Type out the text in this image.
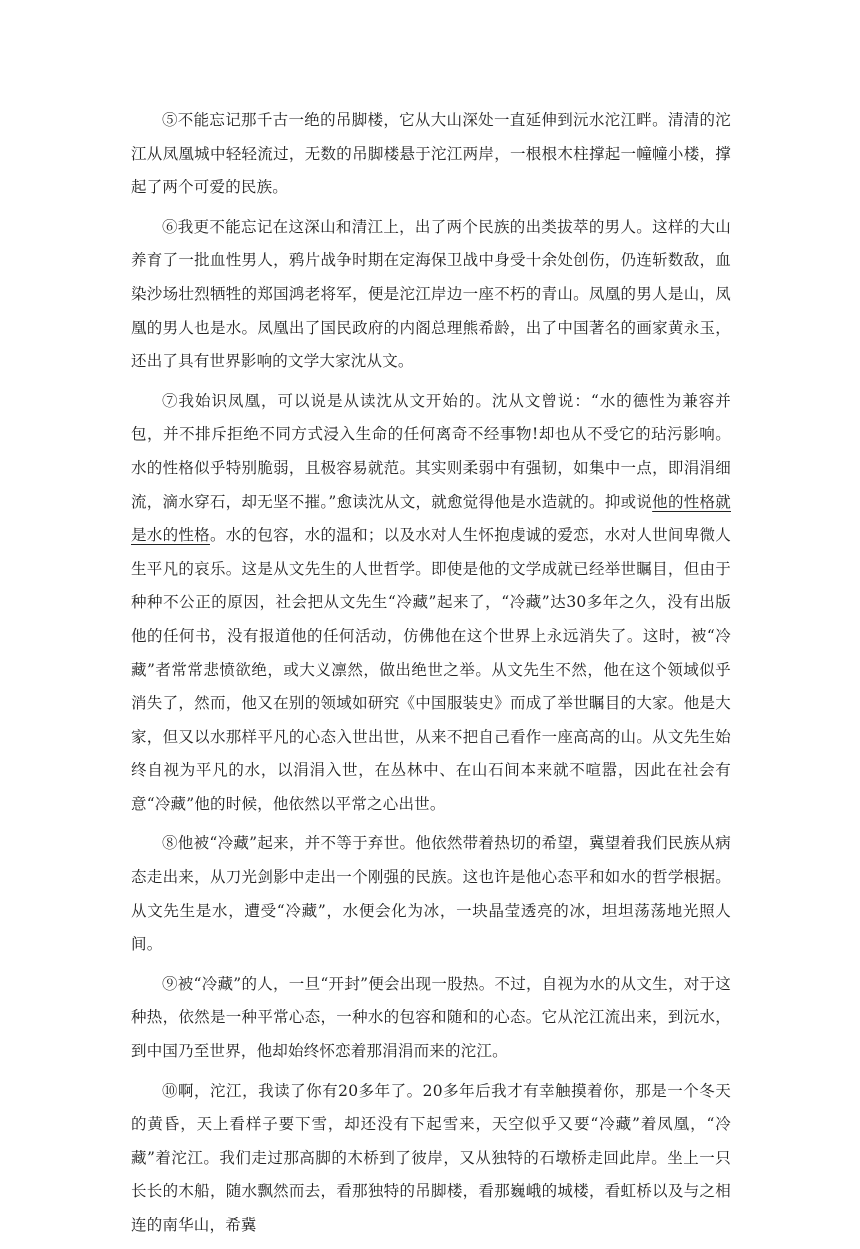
⑤不能忘记那千古一绝的吊脚楼，它从大山深处一直延伸到沅水沱江畔。清清的沱江从凤凰城中轻轻流过，无数的吊脚楼悬于沱江两岸，一根根木柱撑起一幢幢小楼，撑起了两个可爱的民族。

⑥我更不能忘记在这深山和清江上，出了两个民族的出类拔萃的男人。这样的大山养育了一批血性男人，鸦片战争时期在定海保卫战中身受十余处创伤，仍连斩数敌，血染沙场壮烈牺牲的郑国鸿老将军，便是沱江岸边一座不朽的青山。凤凰的男人是山，凤凰的男人也是水。凤凰出了国民政府的内阁总理熊希龄，出了中国著名的画家黄永玉，还出了具有世界影响的文学大家沈从文。

⑦我始识凤凰，可以说是从读沈从文开始的。沈从文曾说：“水的德性为兼容并包，并不排斥拒绝不同方式浸入生命的任何离奇不经事物!却也从不受它的玷污影响。水的性格似乎特别脆弱，且极容易就范。其实则柔弱中有强韧，如集中一点，即涓涓细流，滴水穿石，却无坚不摧。”愈读沈从文，就愈觉得他是水造就的。抑或说他的性格就是水的性格。水的包容，水的温和；以及水对人生怀抱虔诚的爱恋，水对人世间卑微人生平凡的哀乐。这是从文先生的人世哲学。即使是他的文学成就已经举世瞩目，但由于种种不公正的原因，社会把从文先生“冷藏”起来了，“冷藏”达30多年之久，没有出版他的任何书，没有报道他的任何活动，仿佛他在这个世界上永远消失了。这时，被“冷藏”者常常悲愤欲绝，或大义凛然，做出绝世之举。从文先生不然，他在这个领域似乎消失了，然而，他又在别的领域如研究《中国服装史》而成了举世瞩目的大家。他是大家，但又以水那样平凡的心态入世出世，从来不把自己看作一座高高的山。从文先生始终自视为平凡的水，以涓涓入世，在丛林中、在山石间本来就不喧嚣，因此在社会有意“冷藏”他的时候，他依然以平常之心出世。

⑧他被“冷藏”起来，并不等于弃世。他依然带着热切的希望，冀望着我们民族从病态走出来，从刀光剑影中走出一个刚强的民族。这也许是他心态平和如水的哲学根据。从文先生是水，遭受“冷藏”，水便会化为冰，一块晶莹透亮的冰，坦坦荡荡地光照人间。

⑨被“冷藏”的人，一旦“开封”便会出现一股热。不过，自视为水的从文生，对于这种热，依然是一种平常心态，一种水的包容和随和的心态。它从沱江流出来，到沅水，到中国乃至世界，他却始终怀恋着那涓涓而来的沱江。

⑩啊，沱江，我读了你有20多年了。20多年后我才有幸触摸着你，那是一个冬天的黄昏，天上看样子要下雪，却还没有下起雪来，天空似乎又要“冷藏”着凤凰，“冷藏”着沱江。我们走过那高脚的木桥到了彼岸，又从独特的石墩桥走回此岸。坐上一只长长的木船，随水飘然而去，看那独特的吊脚楼，看那巍峨的城楼，看虹桥以及与之相连的南华山，希冀
